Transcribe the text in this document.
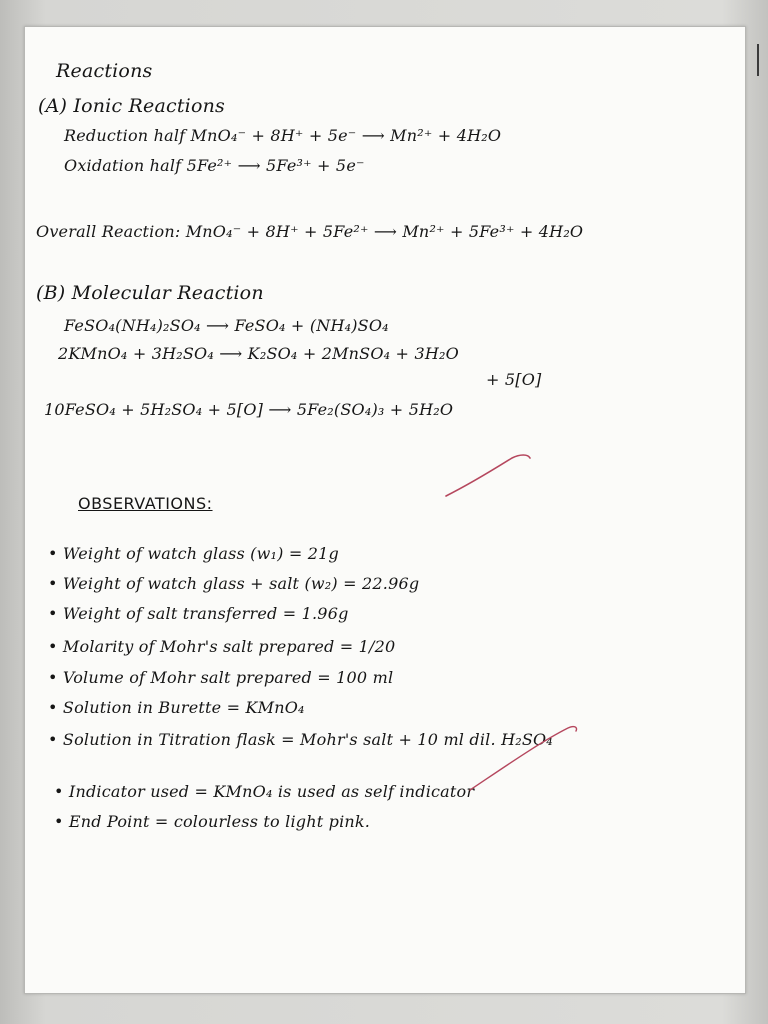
Reactions
(A) Ionic Reactions
Reduction half MnO₄⁻ + 8H⁺ + 5e⁻ ⟶ Mn²⁺ + 4H₂O
Oxidation half 5Fe²⁺ ⟶ 5Fe³⁺ + 5e⁻
Overall Reaction: MnO₄⁻ + 8H⁺ + 5Fe²⁺ ⟶ Mn²⁺ + 5Fe³⁺ + 4H₂O
(B) Molecular Reaction
FeSO₄(NH₄)₂SO₄ ⟶ FeSO₄ + (NH₄)SO₄
2KMnO₄ + 3H₂SO₄ ⟶ K₂SO₄ + 2MnSO₄ + 3H₂O
+ 5[O]
10FeSO₄ + 5H₂SO₄ + 5[O] ⟶ 5Fe₂(SO₄)₃ + 5H₂O
OBSERVATIONS:
• Weight of watch glass (w₁) = 21g
• Weight of watch glass + salt (w₂) = 22.96g
• Weight of salt transferred = 1.96g
• Molarity of Mohr's salt prepared = 1/20
• Volume of Mohr salt prepared = 100 ml
• Solution in Burette = KMnO₄
• Solution in Titration flask = Mohr's salt + 10 ml dil. H₂SO₄
• Indicator used = KMnO₄ is used as self indicator
• End Point = colourless to light pink.
